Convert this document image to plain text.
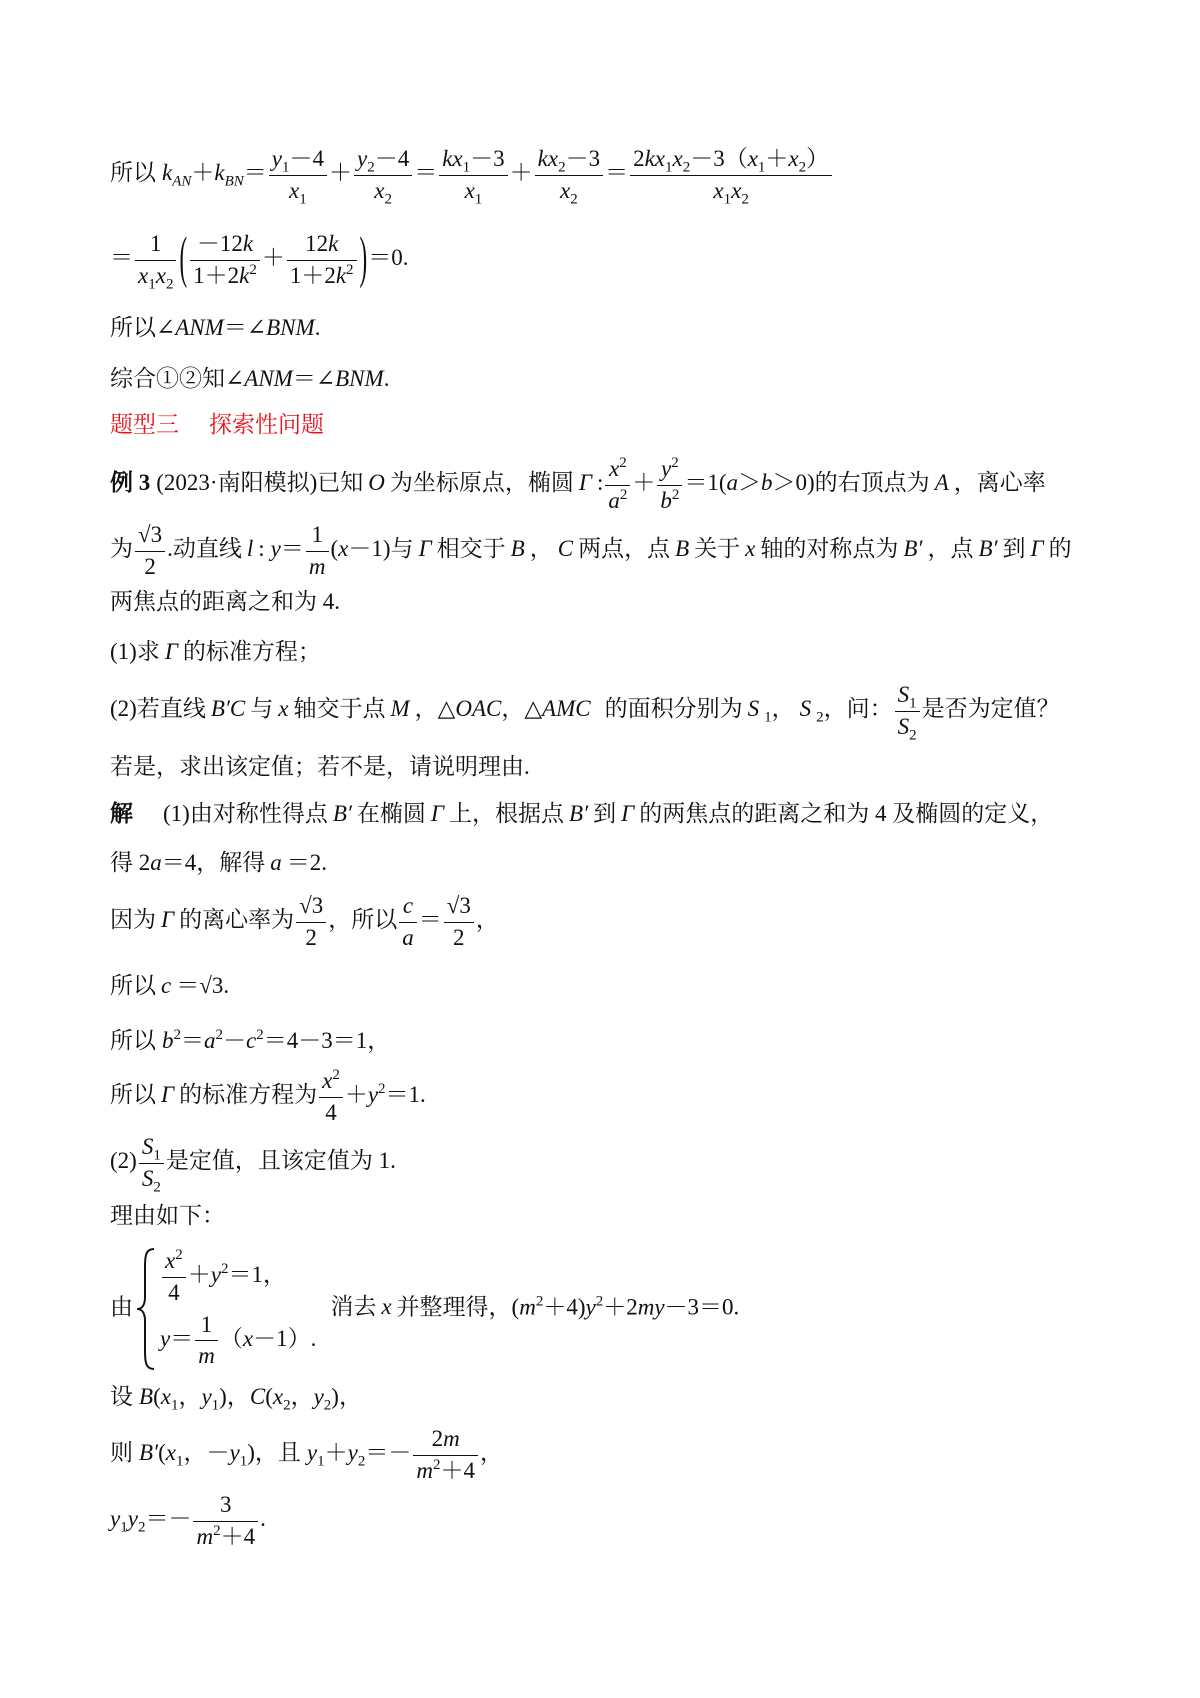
所以 $k_{AN}+k_{BN}= \frac{y_1-4}{x_1} + \frac{y_2-4}{x_2} = \frac{kx_1-3}{x_1} + \frac{kx_2-3}{x_2} = \frac{2kx_1x_2-3(x_1+x_2)}{x_1x_2}$
＝ $\frac{1}{x_1x_2}$ ( $\frac{-12k}{1+2k^2} + \frac{12k}{1+2k^2} )=0$.
所以∠ANM＝∠BNM.
综合①②知∠ANM＝∠BNM.
题型三 探索性问题
例 3 (2023·南阳模拟)已知 O 为坐标原点，椭圆 Γ : $\frac{x^2}{a^2} + \frac{y^2}{b^2} =1(a>b>0)$的右顶点为 A ，离心率
为 $\frac{√3}{2}$ .动直线 l : $y= \frac{1}{m} (x-1)$与 Γ 相交于 B ， C 两点，点 B 关于 x 轴的对称点为 B′ ，点 B′ 到 Γ 的
两焦点的距离之和为 4.
(1)求 Γ 的标准方程；
(2)若直线 B′C 与 x 轴交于点 M ，△OAC，△AMC 的面积分别为 S $_1$， S $_2$，问： $\frac{S_1}{S_2}$ 是否为定值？
若是，求出该定值；若不是，请说明理由.
解 (1)由对称性得点 B′ 在椭圆 Γ 上，根据点 B′ 到 Γ 的两焦点的距离之和为 4 及椭圆的定义，
得 2a＝4，解得 a ＝2.
因为 Γ 的离心率为 $\frac{√3}{2}$ ，所以 $\frac{c}{a} = \frac{√3}{2}$ ，
所以 c ＝√3.
所以 $b^2=a^2-c^2=4-3=1$，
所以 Γ 的标准方程为 $\frac{x^2}{4} +y^2=1$.
$(2) \frac{S_1}{S_2}$ 是定值，且该定值为 1.
理由如下：
由
$\frac{x^2}{4} +y^2=1$，
$y= \frac{1}{m} (x-1)$.
消去 x 并整理得，$(m^2+4)y^2+2my-3=0$.
设 $B(x_1$，$y_1$)，$C(x_2$，$y_2$)，
则 $B'(x_1$，$-y_1$)，且 $y_1+y_2=- \frac{2m}{m^2+4}$ ，
$y_1y_2=- \frac{3}{m^2+4}$ .
